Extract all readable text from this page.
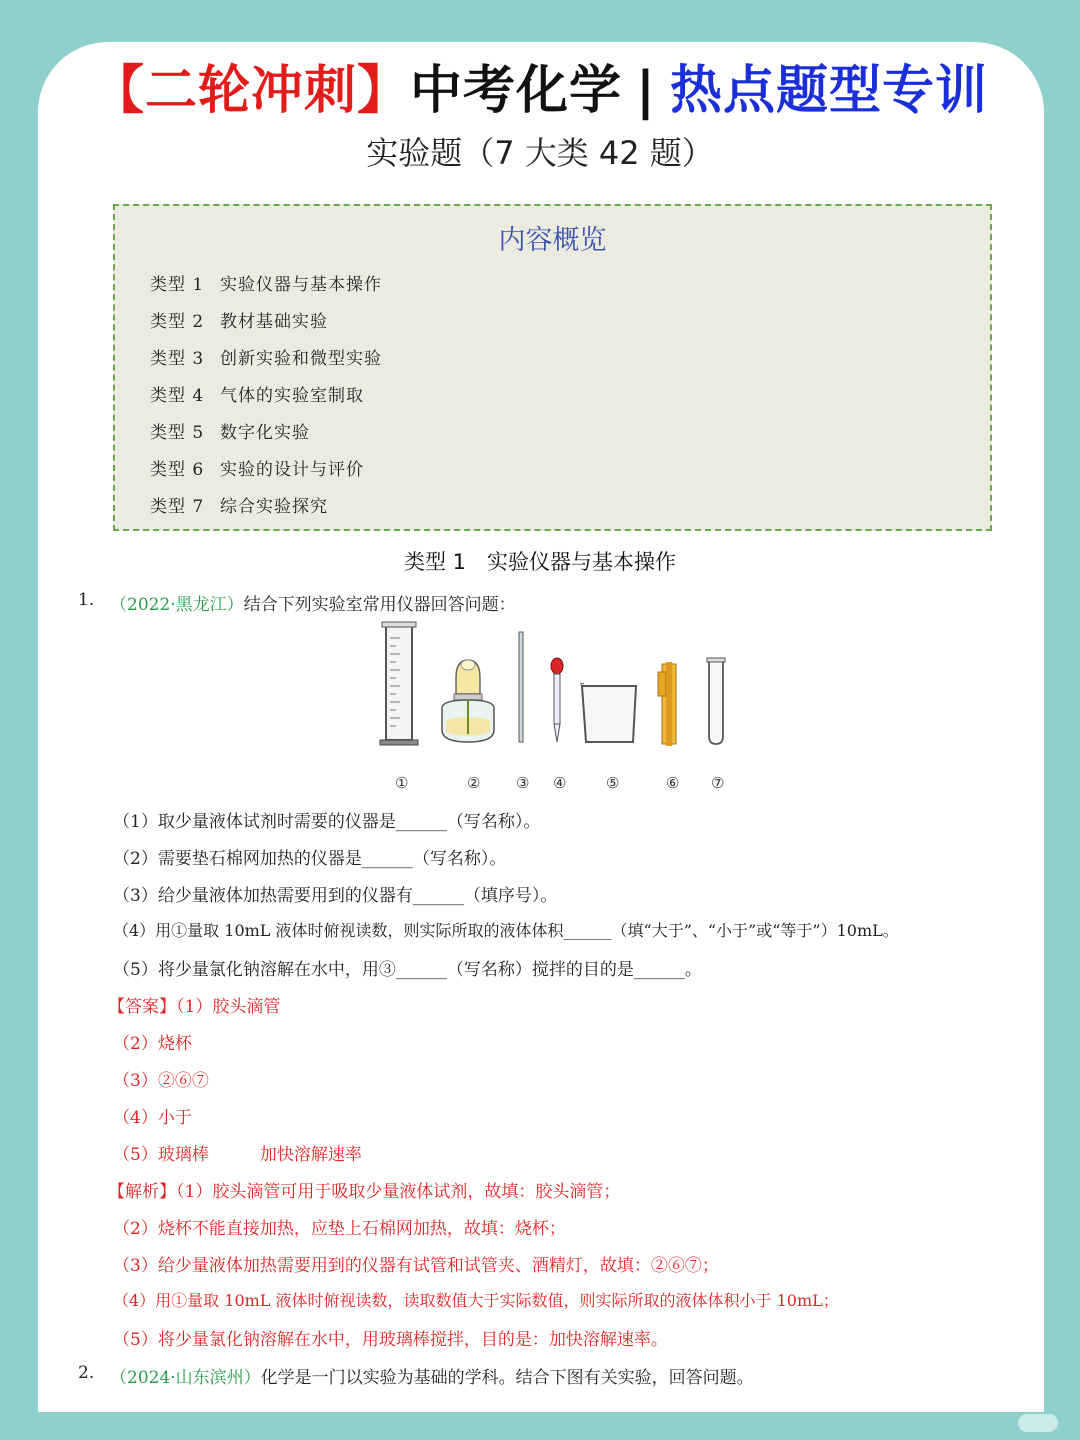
【二轮冲刺】中考化学 | 热点题型专训
实验题（7 大类 42 题）
内容概览
类型 1 实验仪器与基本操作
类型 2 教材基础实验
类型 3 创新实验和微型实验
类型 4 气体的实验室制取
类型 5 数字化实验
类型 6 实验的设计与评价
类型 7 综合实验探究
类型 1　实验仪器与基本操作
1. （2022·黑龙江）结合下列实验室常用仪器回答问题：
①	② ③ ④	⑤	⑥ ⑦
（1）取少量液体试剂时需要的仪器是______（写名称）。
（2）需要垫石棉网加热的仪器是______（写名称）。
（3）给少量液体加热需要用到的仪器有______（填序号）。
（4）用①量取 10mL 液体时俯视读数，则实际所取的液体体积______（填“大于”、“小于”或“等于”）10mL。
（5）将少量氯化钠溶解在水中，用③______（写名称）搅拌的目的是______。
【答案】（1）胶头滴管
（2）烧杯
（3）②⑥⑦
（4）小于
（5）玻璃棒　　　加快溶解速率
【解析】（1）胶头滴管可用于吸取少量液体试剂，故填：胶头滴管；
（2）烧杯不能直接加热，应垫上石棉网加热，故填：烧杯；
（3）给少量液体加热需要用到的仪器有试管和试管夹、酒精灯，故填：②⑥⑦；
（4）用①量取 10mL 液体时俯视读数，读取数值大于实际数值，则实际所取的液体体积小于 10mL；
（5）将少量氯化钠溶解在水中，用玻璃棒搅拌，目的是：加快溶解速率。
2. （2024·山东滨州）化学是一门以实验为基础的学科。结合下图有关实验，回答问题。
